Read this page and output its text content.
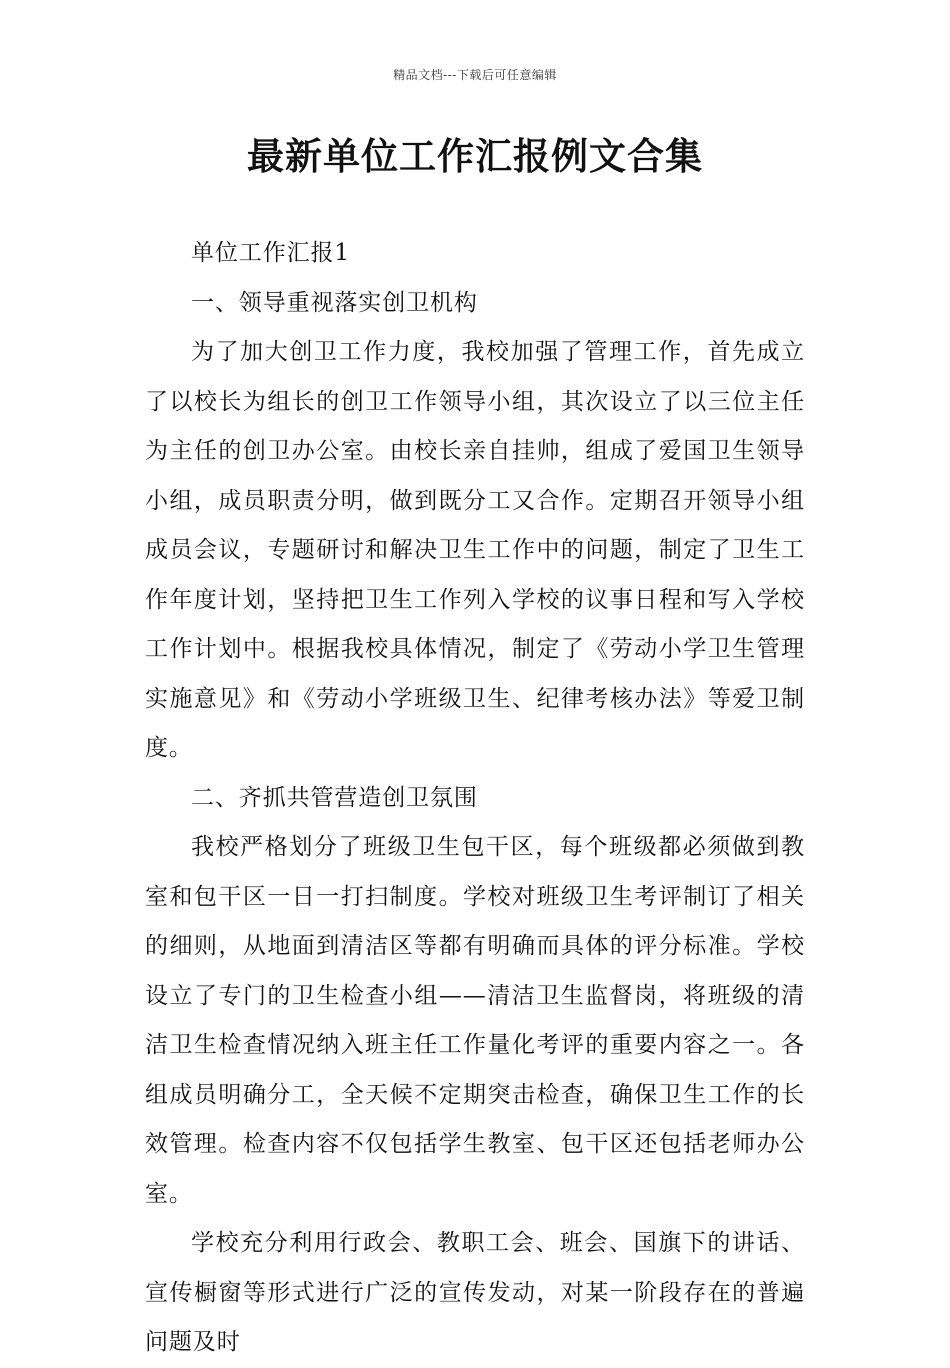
精品文档---下载后可任意编辑
最新单位工作汇报例文合集

单位工作汇报1

一、领导重视落实创卫机构

为了加大创卫工作力度，我校加强了管理工作，首先成立了以校长为组长的创卫工作领导小组，其次设立了以三位主任为主任的创卫办公室。由校长亲自挂帅，组成了爱国卫生领导小组，成员职责分明，做到既分工又合作。定期召开领导小组成员会议，专题研讨和解决卫生工作中的问题，制定了卫生工作年度计划，坚持把卫生工作列入学校的议事日程和写入学校工作计划中。根据我校具体情况，制定了《劳动小学卫生管理实施意见》和《劳动小学班级卫生、纪律考核办法》等爱卫制度。

二、齐抓共管营造创卫氛围

我校严格划分了班级卫生包干区，每个班级都必须做到教室和包干区一日一打扫制度。学校对班级卫生考评制订了相关的细则，从地面到清洁区等都有明确而具体的评分标准。学校设立了专门的卫生检查小组——清洁卫生监督岗，将班级的清洁卫生检查情况纳入班主任工作量化考评的重要内容之一。各组成员明确分工，全天候不定期突击检查，确保卫生工作的长效管理。检查内容不仅包括学生教室、包干区还包括老师办公室。

学校充分利用行政会、教职工会、班会、国旗下的讲话、宣传橱窗等形式进行广泛的宣传发动，对某一阶段存在的普遍问题及时
